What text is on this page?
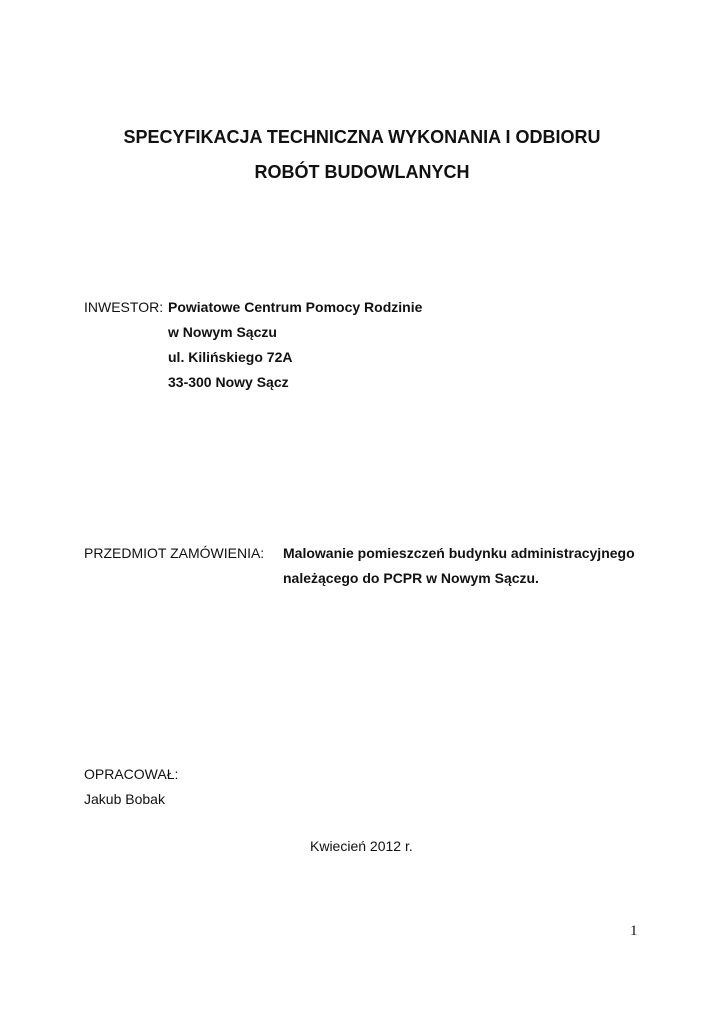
SPECYFIKACJA TECHNICZNA WYKONANIA I ODBIORU
ROBÓT BUDOWLANYCH

INWESTOR: Powiatowe Centrum Pomocy Rodzinie

w Nowym Sączu

ul. Kilińskiego 72A

33-300 Nowy Sącz

PRZEDMIOT ZAMÓWIENIA: Malowanie pomieszczeń budynku administracyjnego

należącego do PCPR w Nowym Sączu.

OPRACOWAŁ:

Jakub Bobak

Kwiecień 2012 r.

1
